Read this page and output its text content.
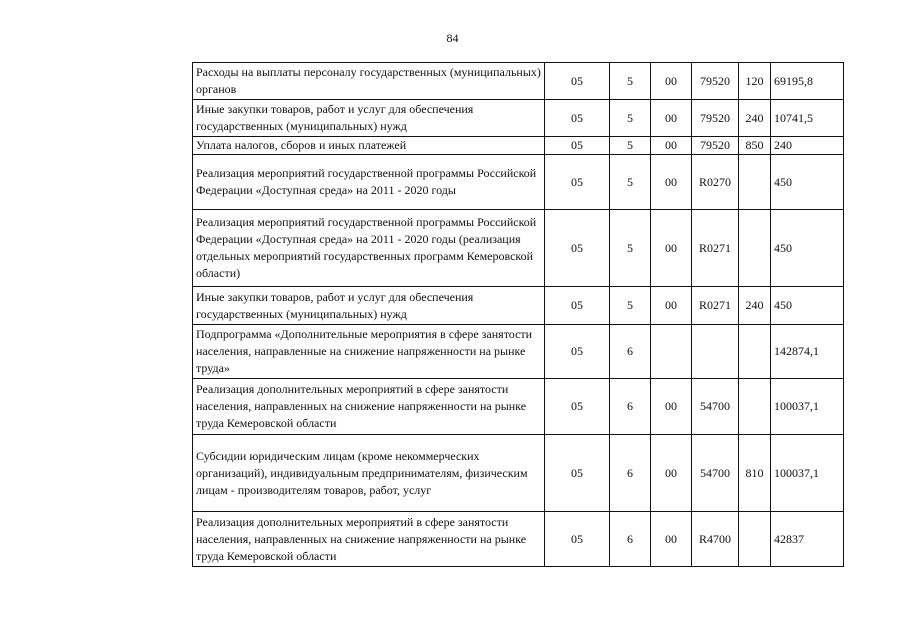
84
Расходы на выплаты персоналу государственных (муниципальных) органов	05	5	00	79520	120	69195,8
Иные закупки товаров, работ и услуг для обеспечения государственных (муниципальных) нужд	05	5	00	79520	240	10741,5
Уплата налогов, сборов и иных платежей	05	5	00	79520	850	240
Реализация мероприятий государственной программы Российской Федерации «Доступная среда» на 2011 - 2020 годы	05	5	00	R0270		450
Реализация мероприятий государственной программы Российской Федерации «Доступная среда» на 2011 - 2020 годы (реализация отдельных мероприятий государственных программ Кемеровской области)	05	5	00	R0271		450
Иные закупки товаров, работ и услуг для обеспечения государственных (муниципальных) нужд	05	5	00	R0271	240	450
Подпрограмма «Дополнительные мероприятия в сфере занятости населения, направленные на снижение напряженности на рынке труда»	05	6				142874,1
Реализация дополнительных мероприятий в сфере занятости населения, направленных на снижение напряженности на рынке труда Кемеровской области	05	6	00	54700		100037,1
Субсидии юридическим лицам (кроме некоммерческих организаций), индивидуальным предпринимателям, физическим лицам - производителям товаров, работ, услуг	05	6	00	54700	810	100037,1
Реализация дополнительных мероприятий в сфере занятости населения, направленных на снижение напряженности на рынке труда Кемеровской области	05	6	00	R4700		42837
